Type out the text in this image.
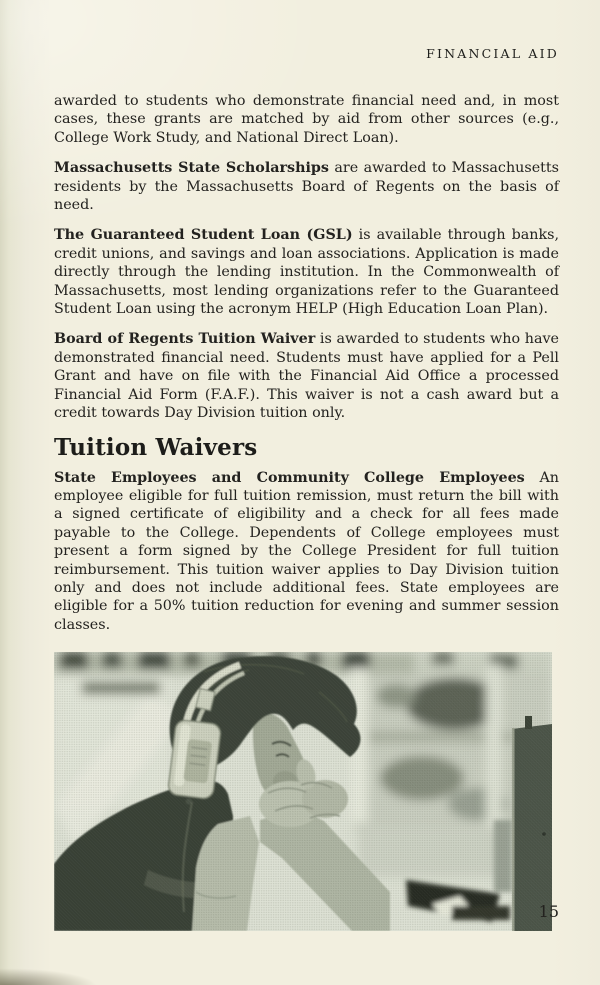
FINANCIAL AID

awarded to students who demonstrate financial need and, in most cases, these grants are matched by aid from other sources (e.g., College Work Study, and National Direct Loan).

Massachusetts State Scholarships are awarded to Massachusetts residents by the Massachusetts Board of Regents on the basis of need.

The Guaranteed Student Loan (GSL) is available through banks, credit unions, and savings and loan associations. Application is made directly through the lending institution. In the Commonwealth of Massachusetts, most lending organizations refer to the Guaranteed Student Loan using the acronym HELP (High Education Loan Plan).

Board of Regents Tuition Waiver is awarded to students who have demonstrated financial need. Students must have applied for a Pell Grant and have on file with the Financial Aid Office a processed Financial Aid Form (F.A.F.). This waiver is not a cash award but a credit towards Day Division tuition only.

Tuition Waivers

State Employees and Community College Employees An employee eligible for full tuition remission, must return the bill with a signed certificate of eligibility and a check for all fees made payable to the College. Dependents of College employees must present a form signed by the College President for full tuition reimbursement. This tuition waiver applies to Day Division tuition only and does not include additional fees. State employees are eligible for a 50% tuition reduction for evening and summer session classes.

15
